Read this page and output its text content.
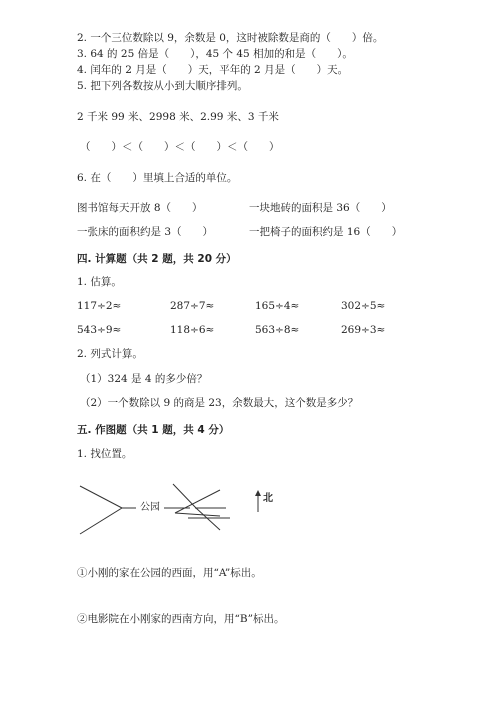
2. 一个三位数除以 9，余数是 0，这时被除数是商的（　　）倍。
3. 64 的 25 倍是（　　），45 个 45 相加的和是（　　）。
4. 闰年的 2 月是（　　）天，平年的 2 月是（　　）天。
5. 把下列各数按从小到大顺序排列。
2 千米 99 米、2998 米、2.99 米、3 千米
（　　）＜（　　）＜（　　）＜（　　）
6. 在（　　）里填上合适的单位。
图书馆每天开放 8（　　）	一块地砖的面积是 36（　　）
一张床的面积约是 3（　　）	一把椅子的面积约是 16（　　）
四. 计算题（共 2 题，共 20 分）
1. 估算。
117÷2≈	287÷7≈	165÷4≈	302÷5≈
543÷9≈	118÷6≈	563÷8≈	269÷3≈
2. 列式计算。
（1）324 是 4 的多少倍？
（2）一个数除以 9 的商是 23，余数最大，这个数是多少？
五. 作图题（共 1 题，共 4 分）
1. 找位置。
公园
北
①小刚的家在公园的西面，用“A”标出。
②电影院在小刚家的西南方向，用“B”标出。
